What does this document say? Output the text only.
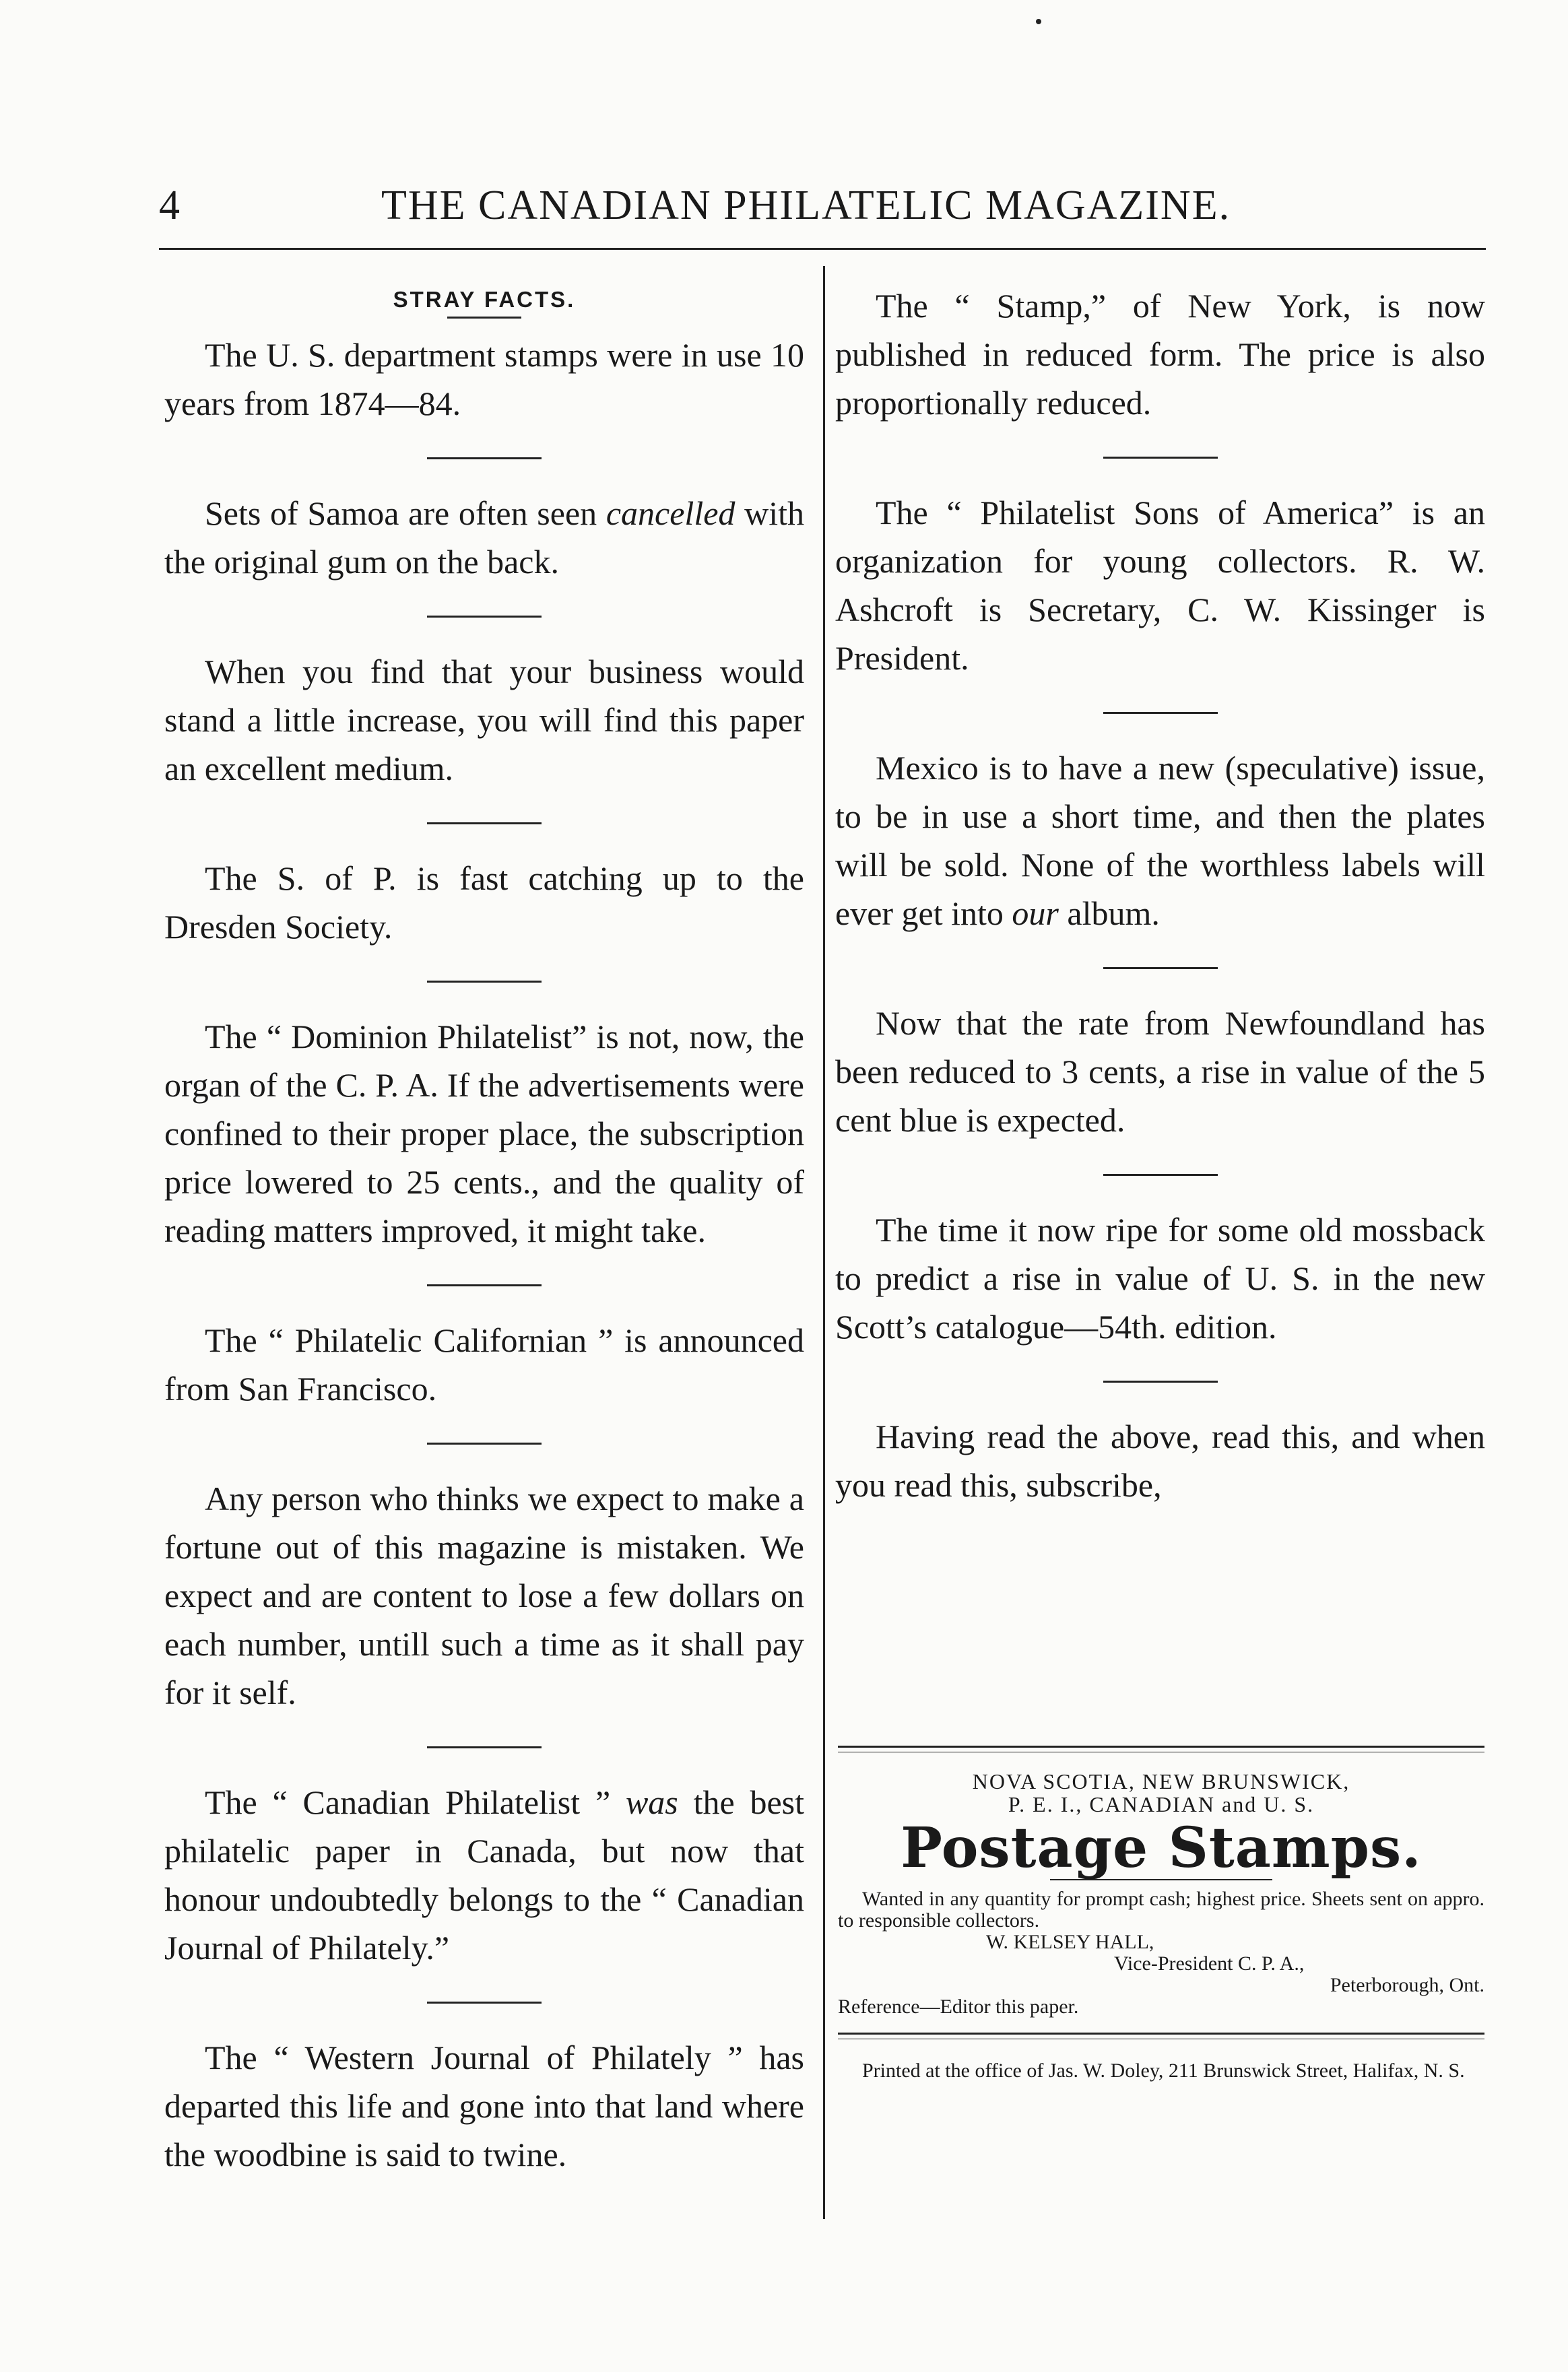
4	THE CANADIAN PHILATELIC MAGAZINE.
STRAY FACTS.

The U. S. department stamps were in use 10 years from 1874—84.

Sets of Samoa are often seen cancelled with the original gum on the back.

When you find that your business would stand a little increase, you will find this paper an excellent medium.

The S. of P. is fast catching up to the Dresden Society.

The “ Dominion Philatelist” is not, now, the organ of the C. P. A. If the advertisements were confined to their proper place, the subscription price lowered to 25 cents., and the quality of reading matters improved, it might take.

The “ Philatelic Californian ” is announced from San Francisco.

Any person who thinks we expect to make a fortune out of this magazine is mistaken. We expect and are content to lose a few dollars on each number, untill such a time as it shall pay for it self.

The “ Canadian Philatelist ” was the best philatelic paper in Canada, but now that honour undoubtedly belongs to the “ Canadian Journal of Philately.”

The “ Western Journal of Philately ” has departed this life and gone into that land where the woodbine is said to twine.

The “ Stamp,” of New York, is now published in reduced form. The price is also proportionally reduced.

The “ Philatelist Sons of America” is an organization for young collectors. R. W. Ashcroft is Secretary, C. W. Kissinger is President.

Mexico is to have a new (speculative) issue, to be in use a short time, and then the plates will be sold. None of the worthless labels will ever get into our album.

Now that the rate from Newfoundland has been reduced to 3 cents, a rise in value of the 5 cent blue is expected.

The time it now ripe for some old mossback to predict a rise in value of U. S. in the new Scott’s catalogue—54th. edition.

Having read the above, read this, and when you read this, subscribe,

NOVA SCOTIA, NEW BRUNSWICK,
P. E. I., CANADIAN and U. S.
Postage Stamps.
Wanted in any quantity for prompt cash; highest price. Sheets sent on appro. to responsible collectors.
W. KELSEY HALL,
Vice-President C. P. A.,
Peterborough, Ont.
Reference—Editor this paper.
Printed at the office of Jas. W. Doley, 211 Brunswick Street, Halifax, N. S.
